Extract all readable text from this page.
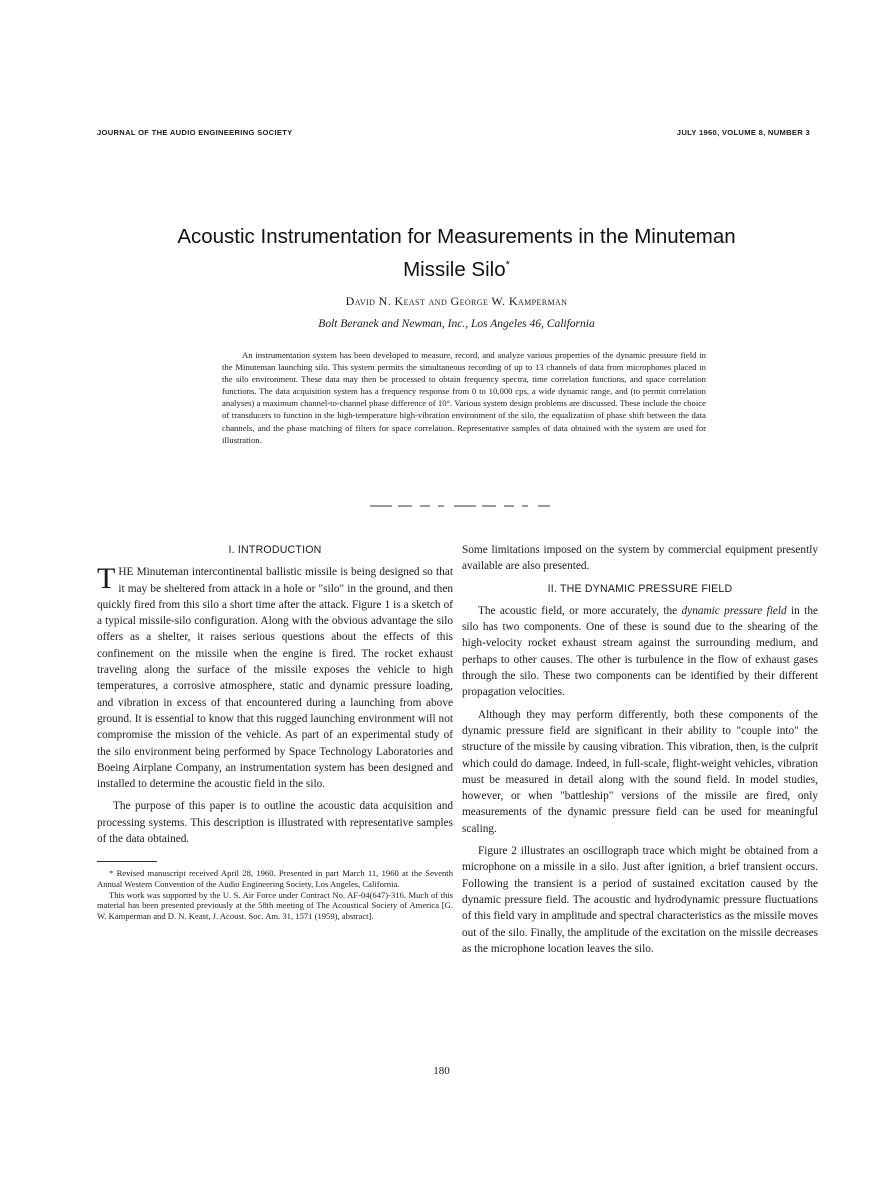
JOURNAL OF THE AUDIO ENGINEERING SOCIETY	JULY 1960, VOLUME 8, NUMBER 3
Acoustic Instrumentation for Measurements in the Minuteman
Missile Silo*
David N. Keast and George W. Kamperman
Bolt Beranek and Newman, Inc., Los Angeles 46, California
An instrumentation system has been developed to measure, record, and analyze various properties of the dynamic pressure field in the Minuteman launching silo. This system permits the simultaneous recording of up to 13 channels of data from microphones placed in the silo environment. These data may then be processed to obtain frequency spectra, time correlation functions, and space correlation functions. The data acquisition system has a frequency response from 0 to 10,000 cps, a wide dynamic range, and (to permit correlation analyses) a maximum channel-to-channel phase difference of 10°. Various system design problems are discussed. These include the choice of transducers to function in the high-temperature high-vibration environment of the silo, the equalization of phase shift between the data channels, and the phase matching of filters for space correlation. Representative samples of data obtained with the system are used for illustration.
I. INTRODUCTION

THE Minuteman intercontinental ballistic missile is being designed so that it may be sheltered from attack in a hole or "silo" in the ground, and then quickly fired from this silo a short time after the attack. Figure 1 is a sketch of a typical missile-silo configuration. Along with the obvious advantage the silo offers as a shelter, it raises serious questions about the effects of this confinement on the missile when the engine is fired. The rocket exhaust traveling along the surface of the missile exposes the vehicle to high temperatures, a corrosive atmosphere, static and dynamic pressure loading, and vibration in excess of that encountered during a launching from above ground. It is essential to know that this rugged launching environment will not compromise the mission of the vehicle. As part of an experimental study of the silo environment being performed by Space Technology Laboratories and Boeing Airplane Company, an instrumentation system has been designed and installed to determine the acoustic field in the silo.

The purpose of this paper is to outline the acoustic data acquisition and processing systems. This description is illustrated with representative samples of the data obtained.

* Revised manuscript received April 28, 1960. Presented in part March 11, 1960 at the Seventh Annual Western Convention of the Audio Engineering Society, Los Angeles, California.

This work was supported by the U. S. Air Force under Contract No. AF-04(647)-316. Much of this material has been presented previously at the 58th meeting of The Acoustical Society of America [G. W. Kamperman and D. N. Keast, J. Acoust. Soc. Am. 31, 1571 (1959), abstract].

Some limitations imposed on the system by commercial equipment presently available are also presented.

II. THE DYNAMIC PRESSURE FIELD

The acoustic field, or more accurately, the dynamic pressure field in the silo has two components. One of these is sound due to the shearing of the high-velocity rocket exhaust stream against the surrounding medium, and perhaps to other causes. The other is turbulence in the flow of exhaust gases through the silo. These two components can be identified by their different propagation velocities.

Although they may perform differently, both these components of the dynamic pressure field are significant in their ability to "couple into" the structure of the missile by causing vibration. This vibration, then, is the culprit which could do damage. Indeed, in full-scale, flight-weight vehicles, vibration must be measured in detail along with the sound field. In model studies, however, or when "battleship" versions of the missile are fired, only measurements of the dynamic pressure field can be used for meaningful scaling.

Figure 2 illustrates an oscillograph trace which might be obtained from a microphone on a missile in a silo. Just after ignition, a brief transient occurs. Following the transient is a period of sustained excitation caused by the dynamic pressure field. The acoustic and hydrodynamic pressure fluctuations of this field vary in amplitude and spectral characteristics as the missile moves out of the silo. Finally, the amplitude of the excitation on the missile decreases as the microphone location leaves the silo.

180
